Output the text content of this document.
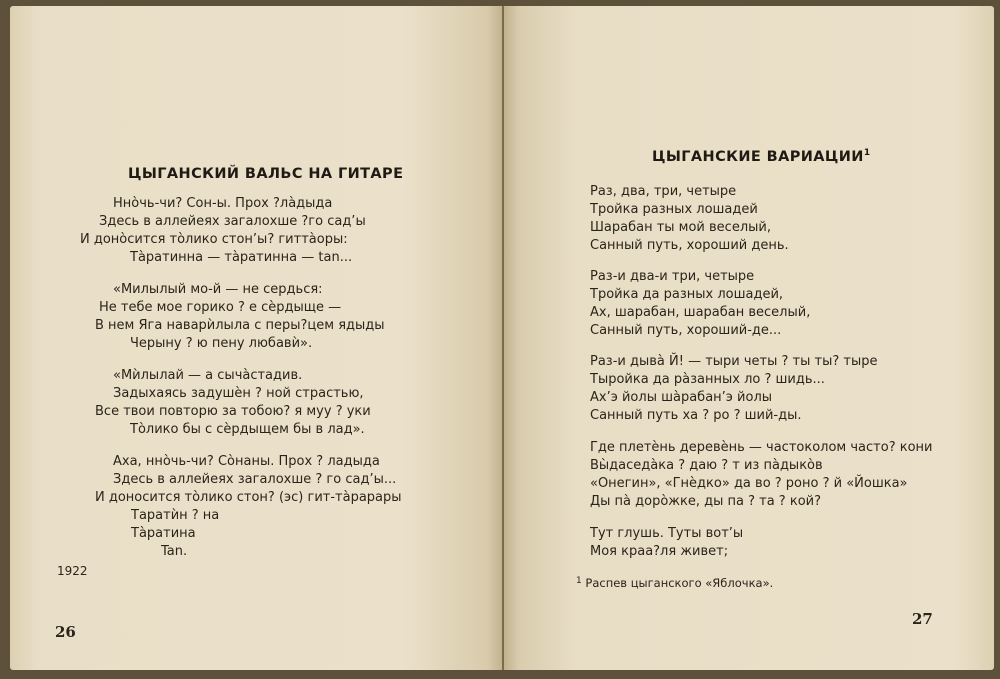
ЦЫГАНСКИЙ ВАЛЬС НА ГИТАРЕ
Нно̀чь-чи? Сон-ы. Прох ?ла̀дыда
Здесь в аллейеях загалохше ?го сад’ы
И доно̀сится то̀лико стон’ы? гиттàоры:
Та̀ратинна — та̀ратинна — tan...
«Милылый мо-й — не сердься:
Не тебе мое горико ? е сѐрдыще —
В нем Яга наварѝлыла с перы?цем ядыды
Черыну ? ю пену любавѝ».
«Мѝлылай — а сычàстадив.
Задыхаясь задушѐн ? ной страстью,
Все твои повторю за тобою? я муу ? уки
То̀лико бы с сѐрдыщем бы в лад».
Аха, нно̀чь-чи? Со̀наны. Прох ? ладыда
Здесь в аллейеях загалохше ? го сад’ы...
И доносится то̀лико стон? (эс) гит-тàрарары
Таратѝн ? на
Та̀ратина
Tan.
1922
26
ЦЫГАНСКИЕ ВАРИАЦИИ$^1$
Раз, два, три, четыре
Тройка разных лошадей
Шарабан ты мой веселый,
Санный путь, хороший день.
Раз-и два-и три, четыре
Тройка да разных лошадей,
Ах, шарабан, шарабан веселый,
Санный путь, хороший-де...
Раз-и дыва̀ Й! — тыри четы ? ты ты? тыре
Тыройка да ра̀занных ло ? шидь...
Ах’э йолы шàрабан’э йолы
Санный путь ха ? ро ? ший-ды.
Где плетѐнь деревѐнь — частоколом часто? кони
Вы̀даседа̀ка ? даю ? т из па̀дыко̀в
«Онегин», «Гнѐдко» да во ? роно ? й «Йошка»
Ды па̀ доро̀жке, ды па ? та ? кой?
Тут глушь. Туты вот’ы
Моя краа?ля живет;
$^1$ Распев цыганского «Яблочка».
27
